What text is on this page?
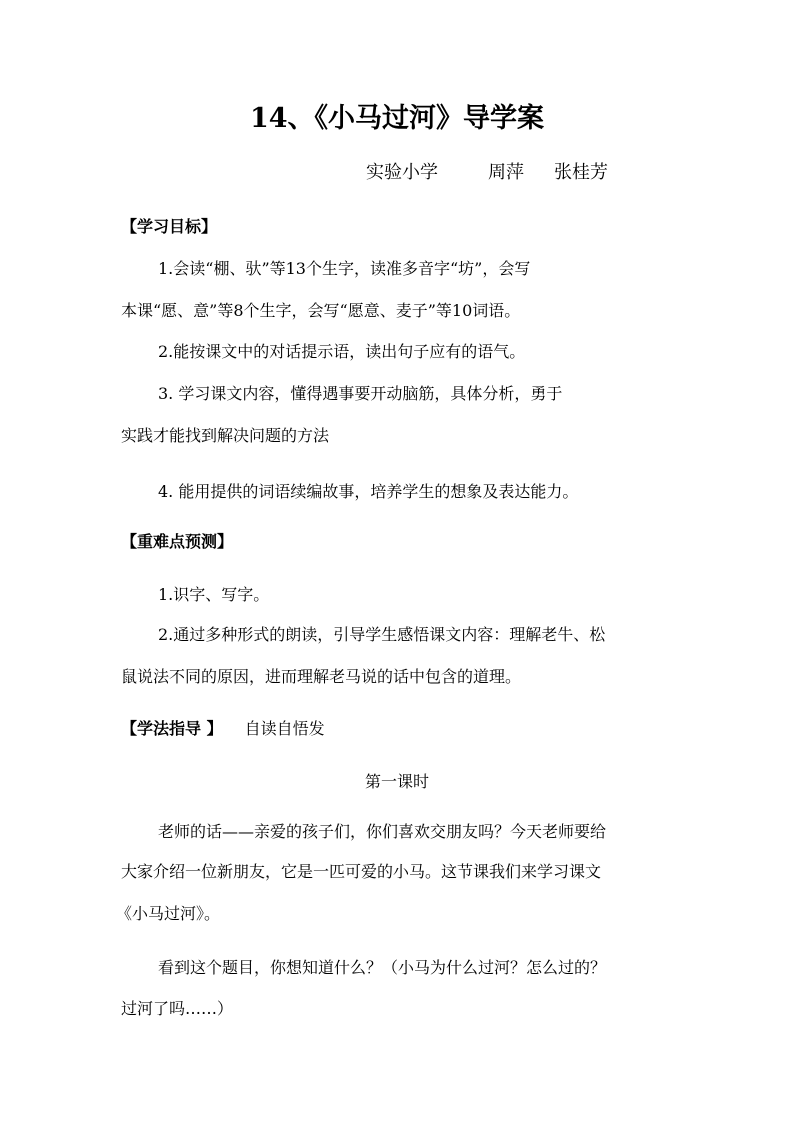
14、《小马过河》导学案
实验小学	周萍 张桂芳
【学习目标】
1.会读“棚、驮”等13个生字，读准多音字“坊”，会写
本课“愿、意”等8个生字，会写“愿意、麦子”等10词语。
2.能按课文中的对话提示语，读出句子应有的语气。
3. 学习课文内容，懂得遇事要开动脑筋，具体分析，勇于
实践才能找到解决问题的方法
4. 能用提供的词语续编故事，培养学生的想象及表达能力。
【重难点预测】
1.识字、写字。
2.通过多种形式的朗读，引导学生感悟课文内容：理解老牛、松
鼠说法不同的原因，进而理解老马说的话中包含的道理。
【学法指导 】 自读自悟发
第一课时
老师的话——亲爱的孩子们，你们喜欢交朋友吗？今天老师要给
大家介绍一位新朋友，它是一匹可爱的小马。这节课我们来学习课文
《小马过河》。
看到这个题目，你想知道什么？（小马为什么过河？怎么过的？
过河了吗……）
